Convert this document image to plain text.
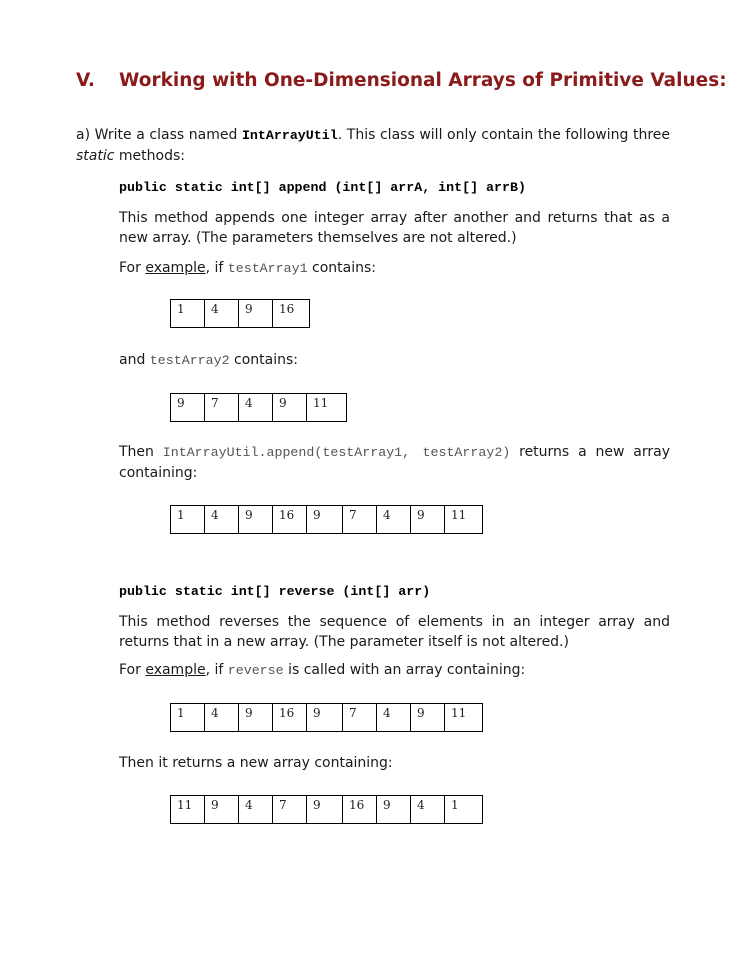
V. Working with One-Dimensional Arrays of Primitive Values:

a) Write a class named IntArrayUtil. This class will only contain the following three static methods:

public static int[] append (int[] arrA, int[] arrB)

This method appends one integer array after another and returns that as a new array. (The parameters themselves are not altered.)

For example, if testArray1 contains:

1	4	9	16

and testArray2 contains:

9	7	4	9	11

Then IntArrayUtil.append(testArray1, testArray2) returns a new array containing:

1	4	9	16	9	7	4	9	11
public static int[] reverse (int[] arr)

This method reverses the sequence of elements in an integer array and returns that in a new array. (The parameter itself is not altered.)

For example, if reverse is called with an array containing:

1	4	9	16	9	7	4	9	11

Then it returns a new array containing:

11	9	4	7	9	16	9	4	1
